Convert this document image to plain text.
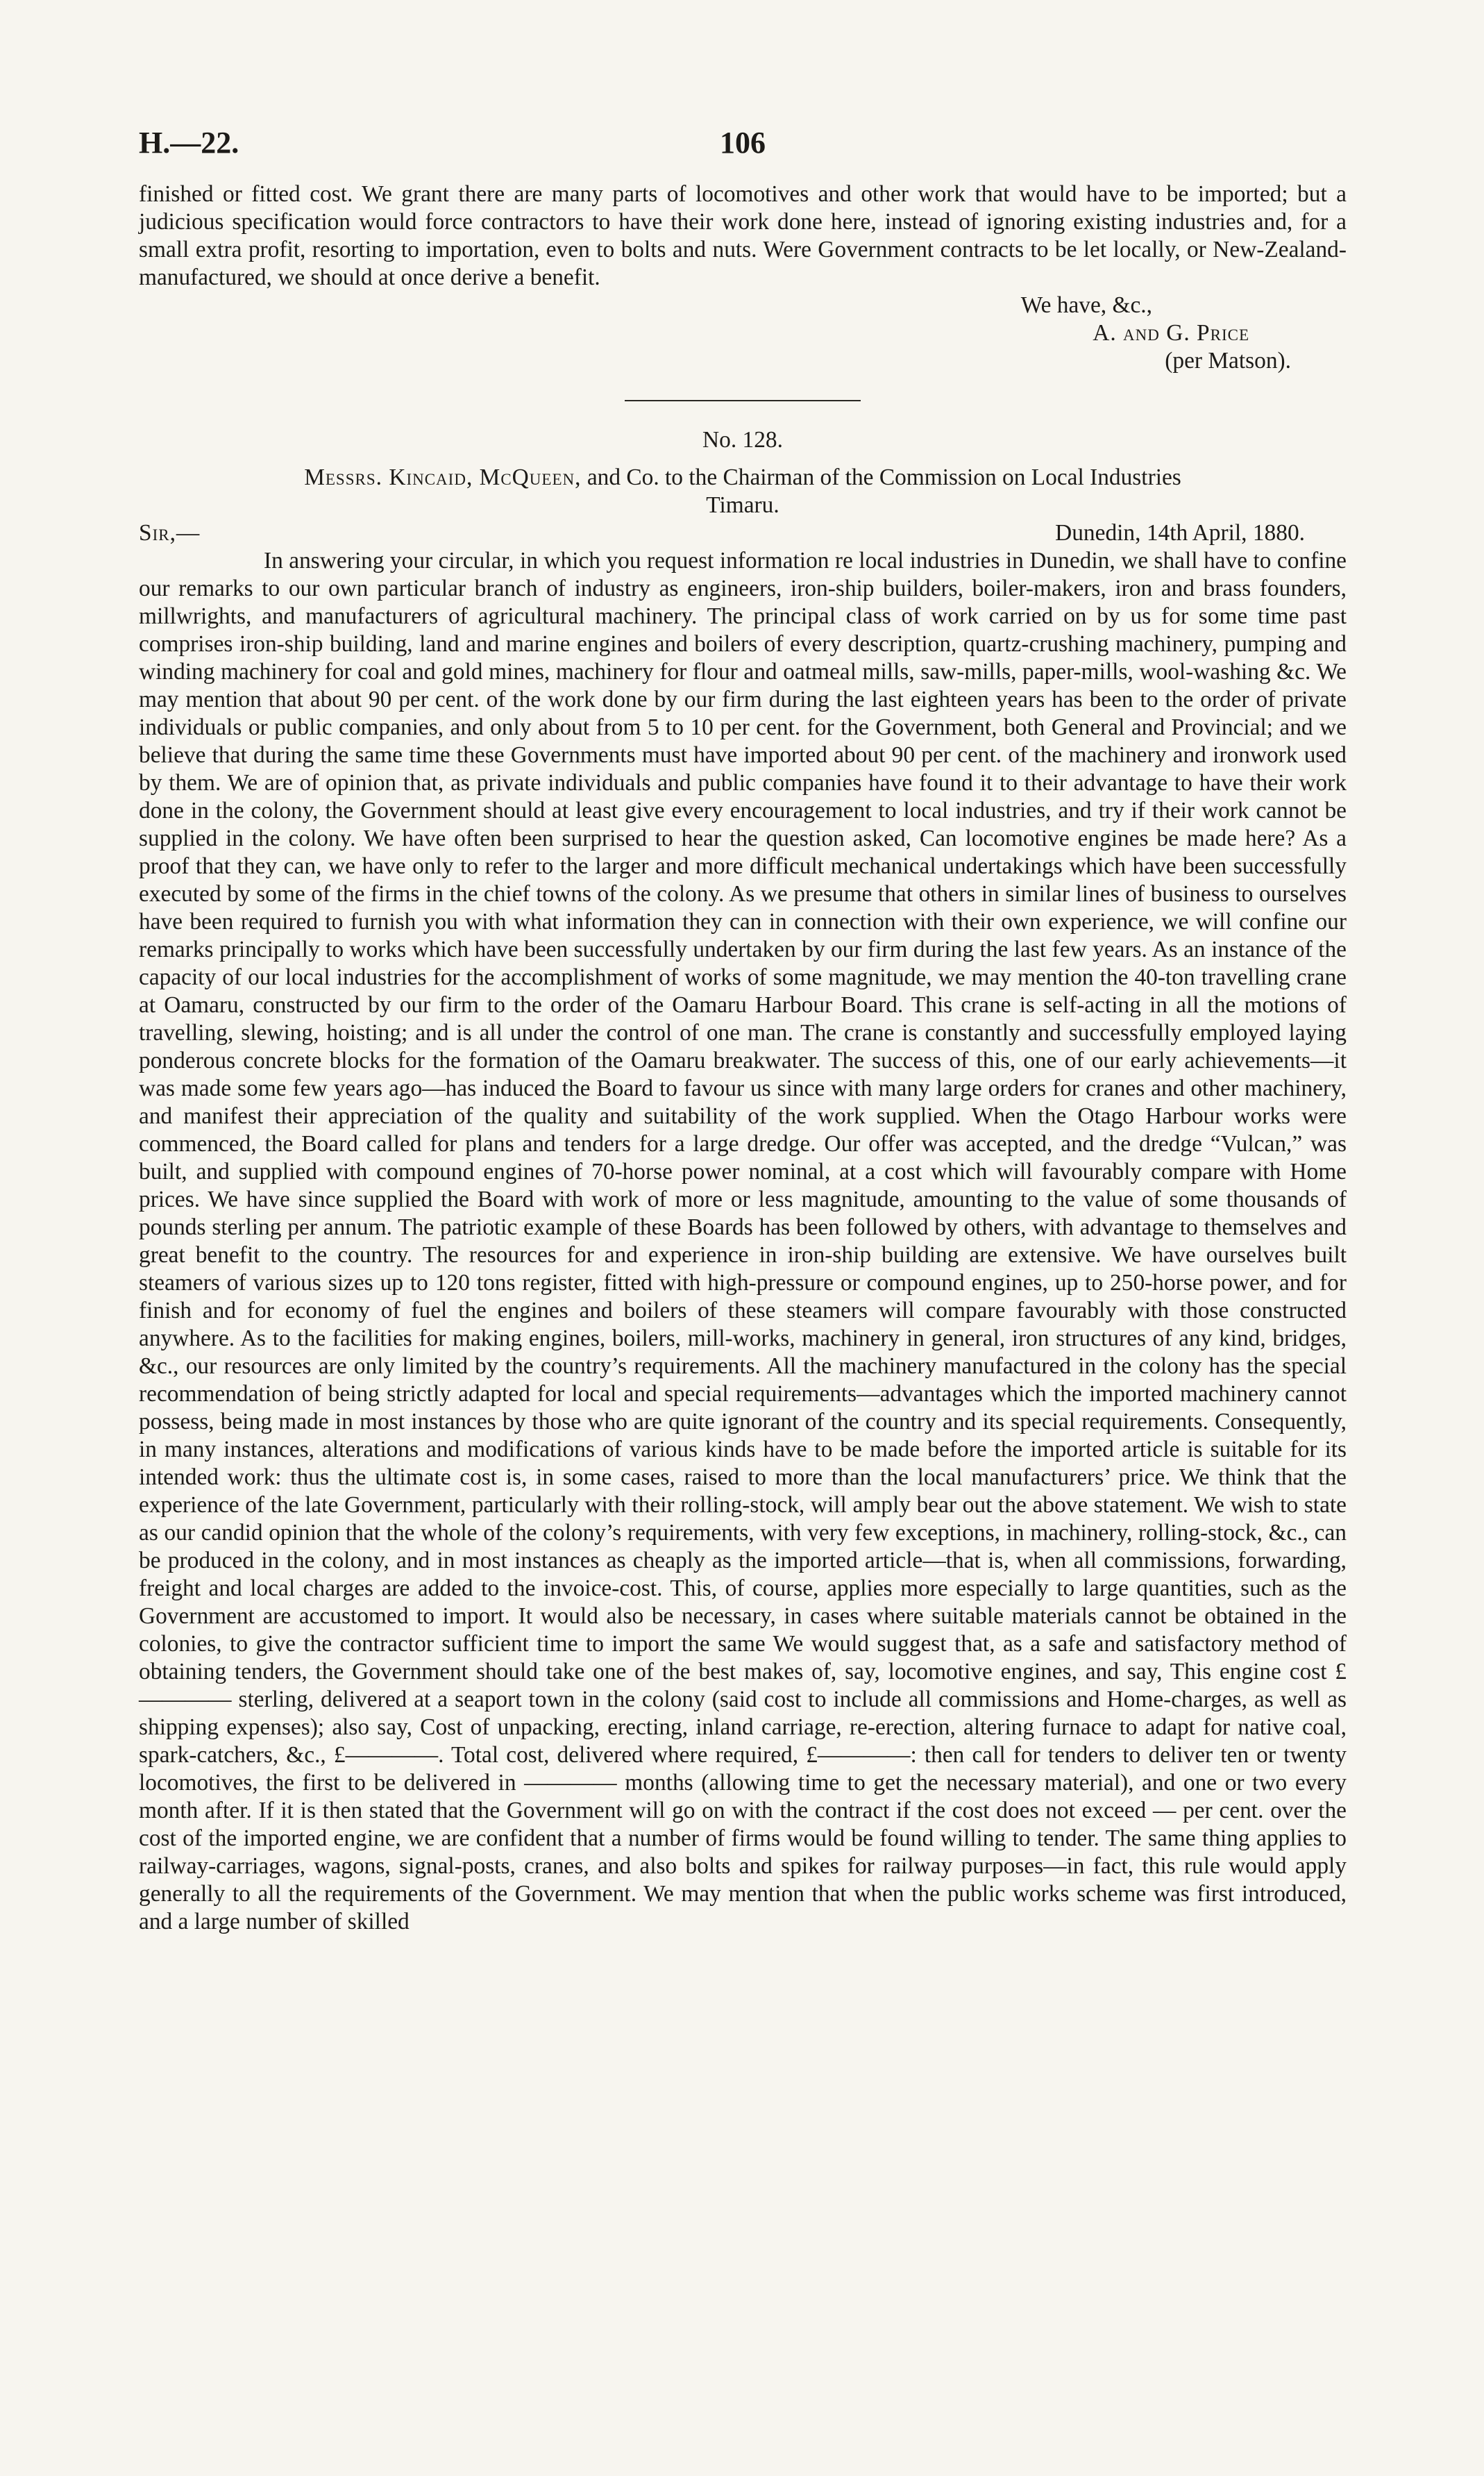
H.—22.	106

finished or fitted cost. We grant there are many parts of locomotives and other work that would have to be imported; but a judicious specification would force contractors to have their work done here, instead of ignoring existing industries and, for a small extra profit, resorting to importation, even to bolts and nuts. Were Government contracts to be let locally, or New-Zealand-manufactured, we should at once derive a benefit.

We have, &c.,
A. and G. Price
(per Matson).
No. 128.
Messrs. Kincaid, McQueen, and Co. to the Chairman of the Commission on Local Industries
Timaru.
Sir,—	Dunedin, 14th April, 1880.

In answering your circular, in which you request information re local industries in Dunedin, we shall have to confine our remarks to our own particular branch of industry as engineers, iron-ship builders, boiler-makers, iron and brass founders, millwrights, and manufacturers of agricultural machinery. The principal class of work carried on by us for some time past comprises iron-ship building, land and marine engines and boilers of every description, quartz-crushing machinery, pumping and winding machinery for coal and gold mines, machinery for flour and oatmeal mills, saw-mills, paper-mills, wool-washing &c. We may mention that about 90 per cent. of the work done by our firm during the last eighteen years has been to the order of private individuals or public companies, and only about from 5 to 10 per cent. for the Government, both General and Provincial; and we believe that during the same time these Governments must have imported about 90 per cent. of the machinery and ironwork used by them. We are of opinion that, as private individuals and public companies have found it to their advantage to have their work done in the colony, the Government should at least give every encouragement to local industries, and try if their work cannot be supplied in the colony. We have often been surprised to hear the question asked, Can locomotive engines be made here? As a proof that they can, we have only to refer to the larger and more difficult mechanical undertakings which have been successfully executed by some of the firms in the chief towns of the colony. As we presume that others in similar lines of business to ourselves have been required to furnish you with what information they can in connection with their own experience, we will confine our remarks principally to works which have been successfully undertaken by our firm during the last few years. As an instance of the capacity of our local industries for the accomplishment of works of some magnitude, we may mention the 40-ton travelling crane at Oamaru, constructed by our firm to the order of the Oamaru Harbour Board. This crane is self-acting in all the motions of travelling, slewing, hoisting; and is all under the control of one man. The crane is constantly and successfully employed laying ponderous concrete blocks for the formation of the Oamaru breakwater. The success of this, one of our early achievements—it was made some few years ago—has induced the Board to favour us since with many large orders for cranes and other machinery, and manifest their appreciation of the quality and suitability of the work supplied. When the Otago Harbour works were commenced, the Board called for plans and tenders for a large dredge. Our offer was accepted, and the dredge “Vulcan,” was built, and supplied with compound engines of 70-horse power nominal, at a cost which will favourably compare with Home prices. We have since supplied the Board with work of more or less magnitude, amounting to the value of some thousands of pounds sterling per annum. The patriotic example of these Boards has been followed by others, with advantage to themselves and great benefit to the country. The resources for and experience in iron-ship building are extensive. We have ourselves built steamers of various sizes up to 120 tons register, fitted with high-pressure or compound engines, up to 250-horse power, and for finish and for economy of fuel the engines and boilers of these steamers will compare favourably with those constructed anywhere. As to the facilities for making engines, boilers, mill-works, machinery in general, iron structures of any kind, bridges, &c., our resources are only limited by the country’s requirements. All the machinery manufactured in the colony has the special recommendation of being strictly adapted for local and special requirements—advantages which the imported machinery cannot possess, being made in most instances by those who are quite ignorant of the country and its special requirements. Consequently, in many instances, alterations and modifications of various kinds have to be made before the imported article is suitable for its intended work: thus the ultimate cost is, in some cases, raised to more than the local manufacturers’ price. We think that the experience of the late Government, particularly with their rolling-stock, will amply bear out the above statement. We wish to state as our candid opinion that the whole of the colony’s requirements, with very few exceptions, in machinery, rolling-stock, &c., can be produced in the colony, and in most instances as cheaply as the imported article—that is, when all commissions, forwarding, freight and local charges are added to the invoice-cost. This, of course, applies more especially to large quantities, such as the Government are accustomed to import. It would also be necessary, in cases where suitable materials cannot be obtained in the colonies, to give the contractor sufficient time to import the same We would suggest that, as a safe and satisfactory method of obtaining tenders, the Government should take one of the best makes of, say, locomotive engines, and say, This engine cost £———— sterling, delivered at a seaport town in the colony (said cost to include all commissions and Home-charges, as well as shipping expenses); also say, Cost of unpacking, erecting, inland carriage, re-erection, altering furnace to adapt for native coal, spark-catchers, &c., £————. Total cost, delivered where required, £————: then call for tenders to deliver ten or twenty locomotives, the first to be delivered in ———— months (allowing time to get the necessary material), and one or two every month after. If it is then stated that the Government will go on with the contract if the cost does not exceed — per cent. over the cost of the imported engine, we are confident that a number of firms would be found willing to tender. The same thing applies to railway-carriages, wagons, signal-posts, cranes, and also bolts and spikes for railway purposes—in fact, this rule would apply generally to all the requirements of the Government. We may mention that when the public works scheme was first introduced, and a large number of skilled
